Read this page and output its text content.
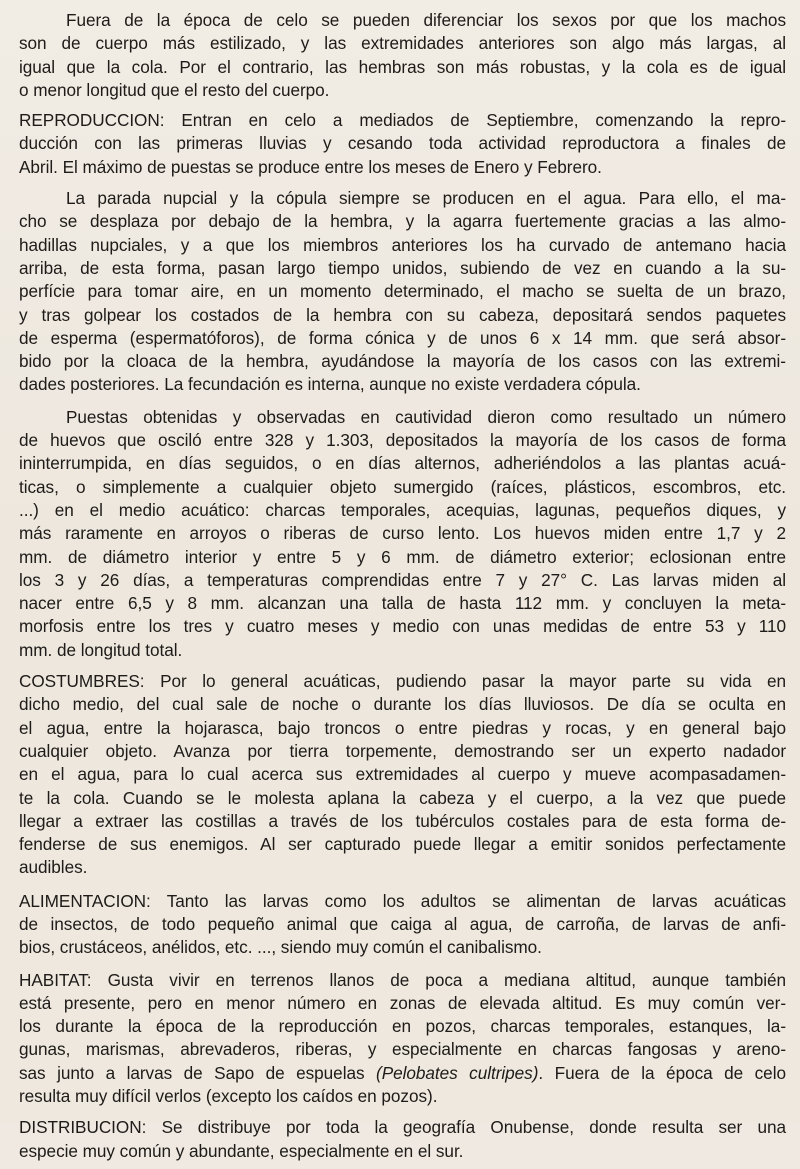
Fuera de la época de celo se pueden diferenciar los sexos por que los machos
son de cuerpo más estilizado, y las extremidades anteriores son algo más largas, al
igual que la cola. Por el contrario, las hembras son más robustas, y la cola es de igual
o menor longitud que el resto del cuerpo.
REPRODUCCION: Entran en celo a mediados de Septiembre, comenzando la repro-
ducción con las primeras lluvias y cesando toda actividad reproductora a finales de
Abril. El máximo de puestas se produce entre los meses de Enero y Febrero.
La parada nupcial y la cópula siempre se producen en el agua. Para ello, el ma-
cho se desplaza por debajo de la hembra, y la agarra fuertemente gracias a las almo-
hadillas nupciales, y a que los miembros anteriores los ha curvado de antemano hacia
arriba, de esta forma, pasan largo tiempo unidos, subiendo de vez en cuando a la su-
perfície para tomar aire, en un momento determinado, el macho se suelta de un brazo,
y tras golpear los costados de la hembra con su cabeza, depositará sendos paquetes
de esperma (espermatóforos), de forma cónica y de unos 6 x 14 mm. que será absor-
bido por la cloaca de la hembra, ayudándose la mayoría de los casos con las extremi-
dades posteriores. La fecundación es interna, aunque no existe verdadera cópula.
Puestas obtenidas y observadas en cautividad dieron como resultado un número
de huevos que osciló entre 328 y 1.303, depositados la mayoría de los casos de forma
ininterrumpida, en días seguidos, o en días alternos, adheriéndolos a las plantas acuá-
ticas, o simplemente a cualquier objeto sumergido (raíces, plásticos, escombros, etc.
...) en el medio acuático: charcas temporales, acequias, lagunas, pequeños diques, y
más raramente en arroyos o riberas de curso lento. Los huevos miden entre 1,7 y 2
mm. de diámetro interior y entre 5 y 6 mm. de diámetro exterior; eclosionan entre
los 3 y 26 días, a temperaturas comprendidas entre 7 y 27° C. Las larvas miden al
nacer entre 6,5 y 8 mm. alcanzan una talla de hasta 112 mm. y concluyen la meta-
morfosis entre los tres y cuatro meses y medio con unas medidas de entre 53 y 110
mm. de longitud total.
COSTUMBRES: Por lo general acuáticas, pudiendo pasar la mayor parte su vida en
dicho medio, del cual sale de noche o durante los días lluviosos. De día se oculta en
el agua, entre la hojarasca, bajo troncos o entre piedras y rocas, y en general bajo
cualquier objeto. Avanza por tierra torpemente, demostrando ser un experto nadador
en el agua, para lo cual acerca sus extremidades al cuerpo y mueve acompasadamen-
te la cola. Cuando se le molesta aplana la cabeza y el cuerpo, a la vez que puede
llegar a extraer las costillas a través de los tubérculos costales para de esta forma de-
fenderse de sus enemigos. Al ser capturado puede llegar a emitir sonidos perfectamente
audibles.
ALIMENTACION: Tanto las larvas como los adultos se alimentan de larvas acuáticas
de insectos, de todo pequeño animal que caiga al agua, de carroña, de larvas de anfi-
bios, crustáceos, anélidos, etc. ..., siendo muy común el canibalismo.
HABITAT: Gusta vivir en terrenos llanos de poca a mediana altitud, aunque también
está presente, pero en menor número en zonas de elevada altitud. Es muy común ver-
los durante la época de la reproducción en pozos, charcas temporales, estanques, la-
gunas, marismas, abrevaderos, riberas, y especialmente en charcas fangosas y areno-
sas junto a larvas de Sapo de espuelas (Pelobates cultripes). Fuera de la época de celo
resulta muy difícil verlos (excepto los caídos en pozos).
DISTRIBUCION: Se distribuye por toda la geografía Onubense, donde resulta ser una
especie muy común y abundante, especialmente en el sur.
